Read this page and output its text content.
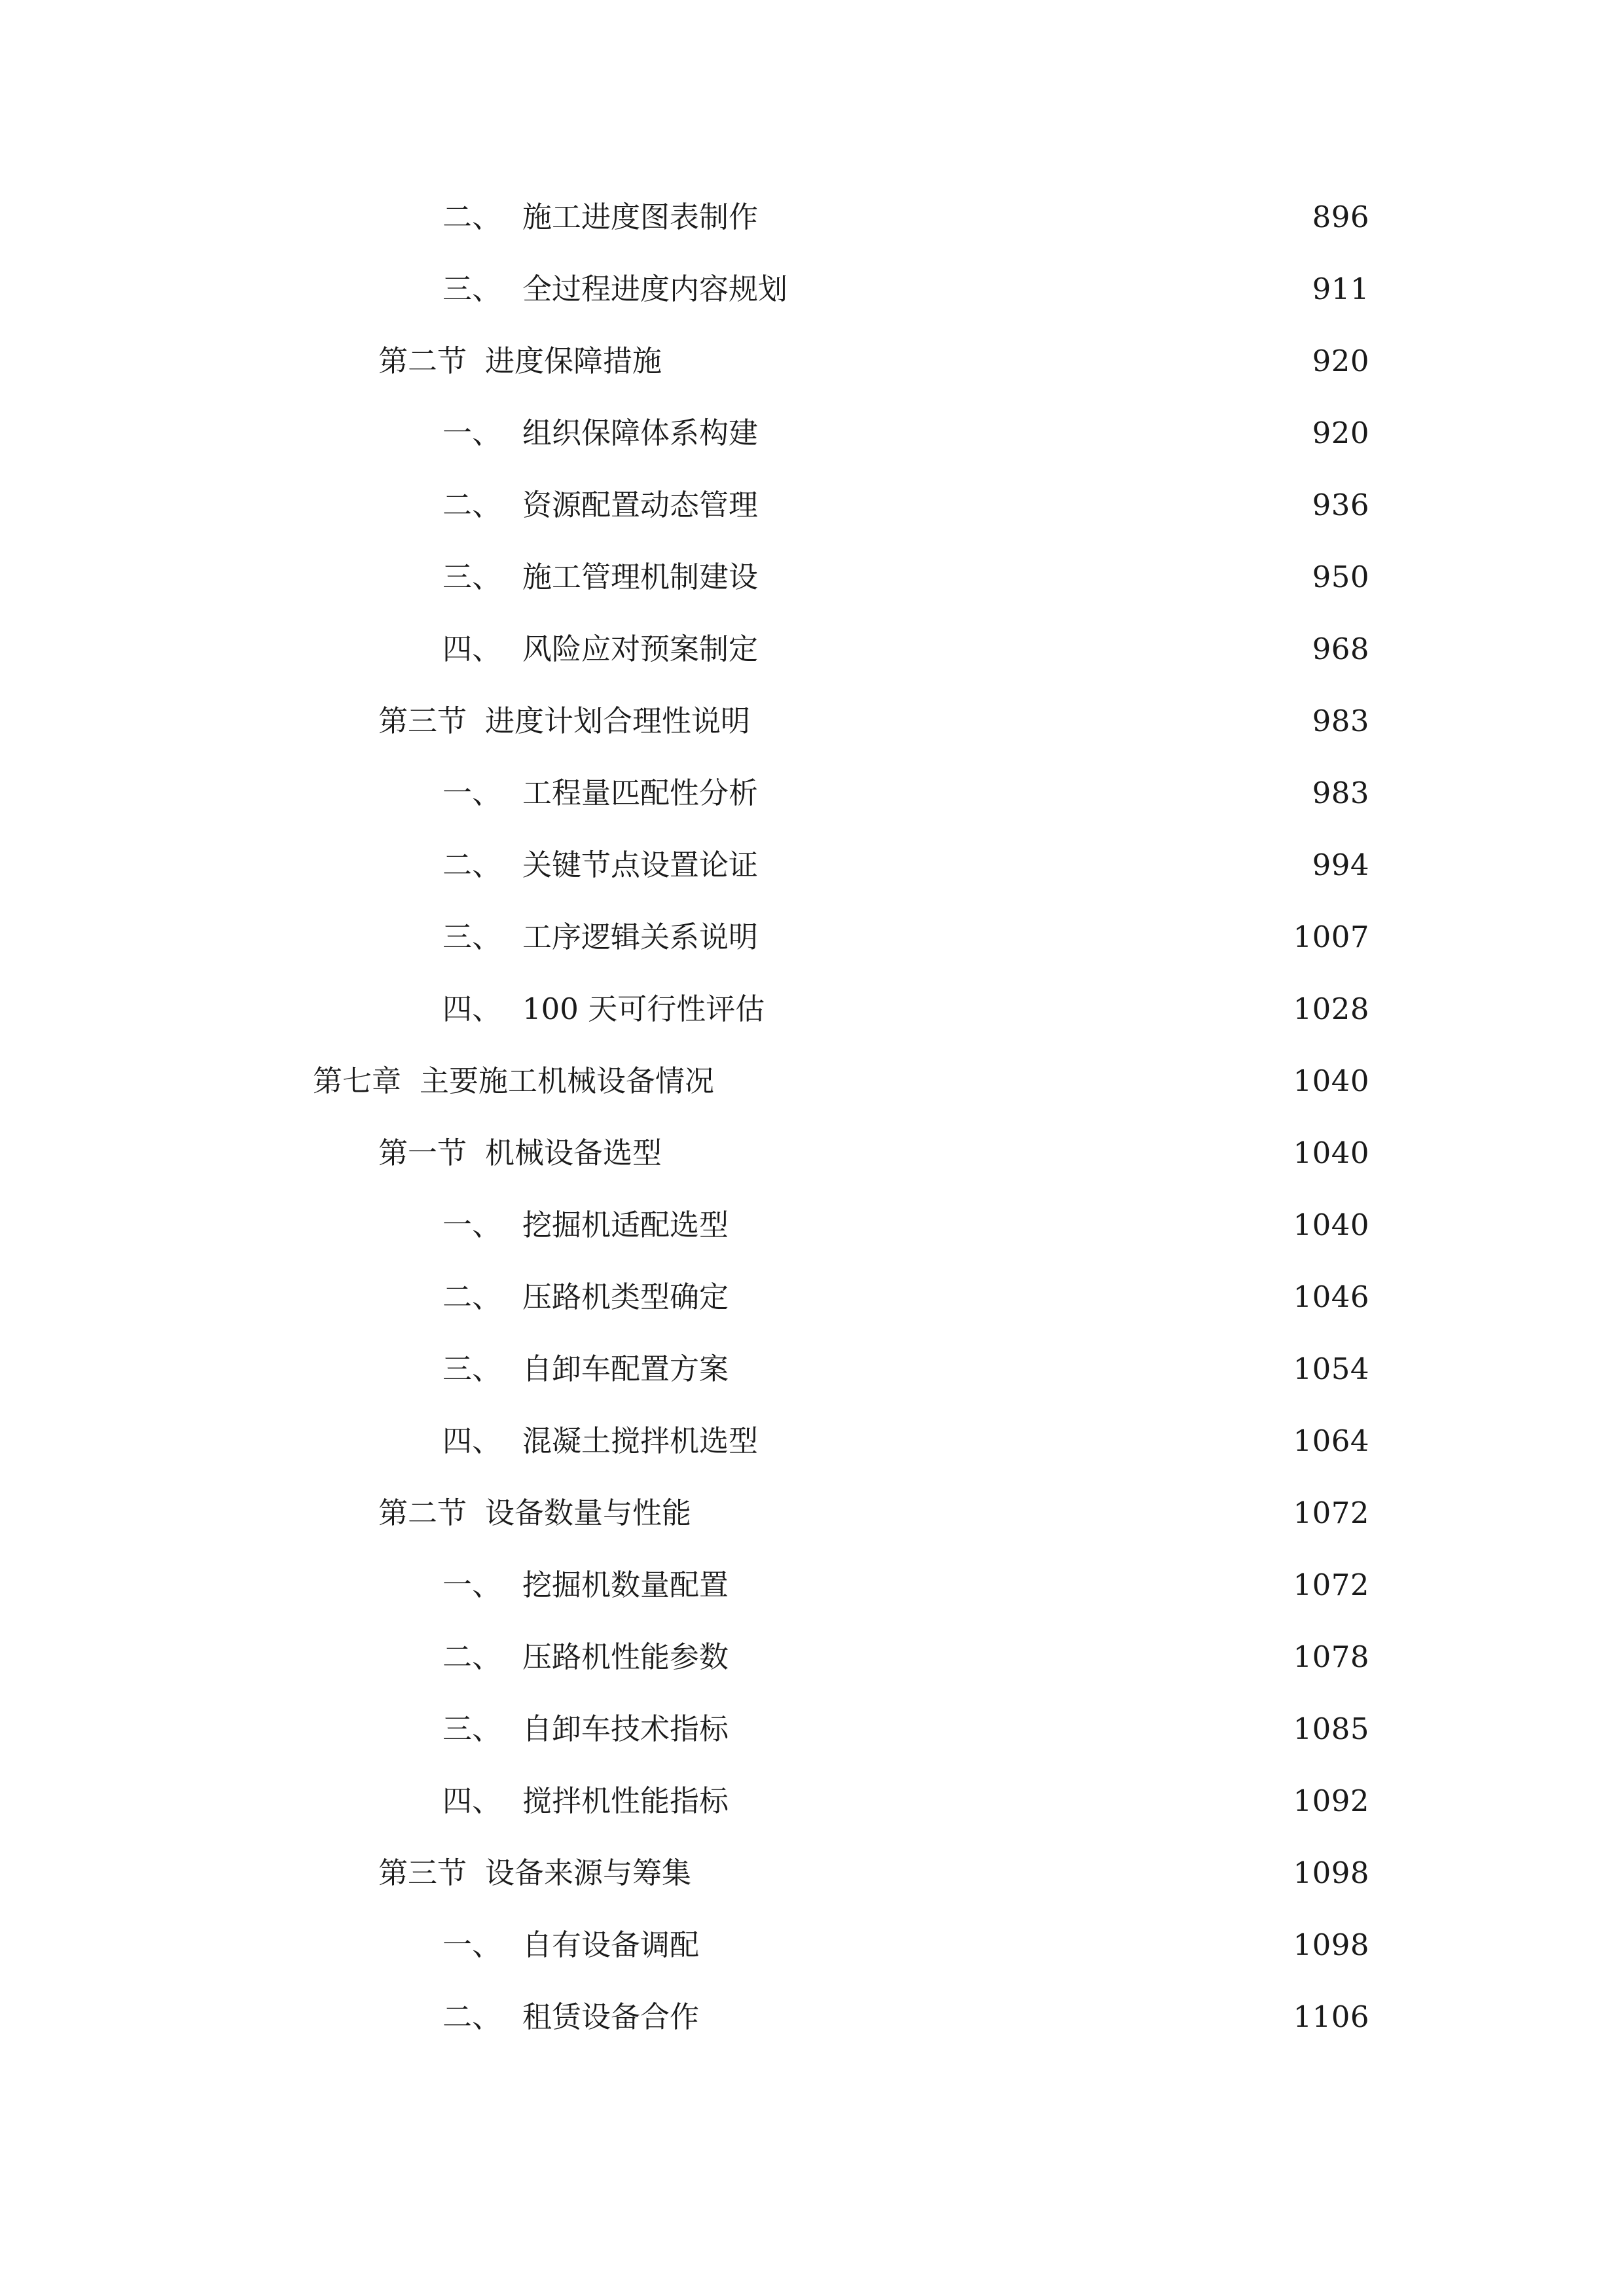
二、 施工进度图表制作	896
三、 全过程进度内容规划	911
第二节 进度保障措施	920
一、 组织保障体系构建	920
二、 资源配置动态管理	936
三、 施工管理机制建设	950
四、 风险应对预案制定	968
第三节 进度计划合理性说明	983
一、 工程量匹配性分析	983
二、 关键节点设置论证	994
三、 工序逻辑关系说明	1007
四、 100 天可行性评估	1028
第七章 主要施工机械设备情况	1040
第一节 机械设备选型	1040
一、 挖掘机适配选型	1040
二、 压路机类型确定	1046
三、 自卸车配置方案	1054
四、 混凝土搅拌机选型	1064
第二节 设备数量与性能	1072
一、 挖掘机数量配置	1072
二、 压路机性能参数	1078
三、 自卸车技术指标	1085
四、 搅拌机性能指标	1092
第三节 设备来源与筹集	1098
一、 自有设备调配	1098
二、 租赁设备合作	1106
